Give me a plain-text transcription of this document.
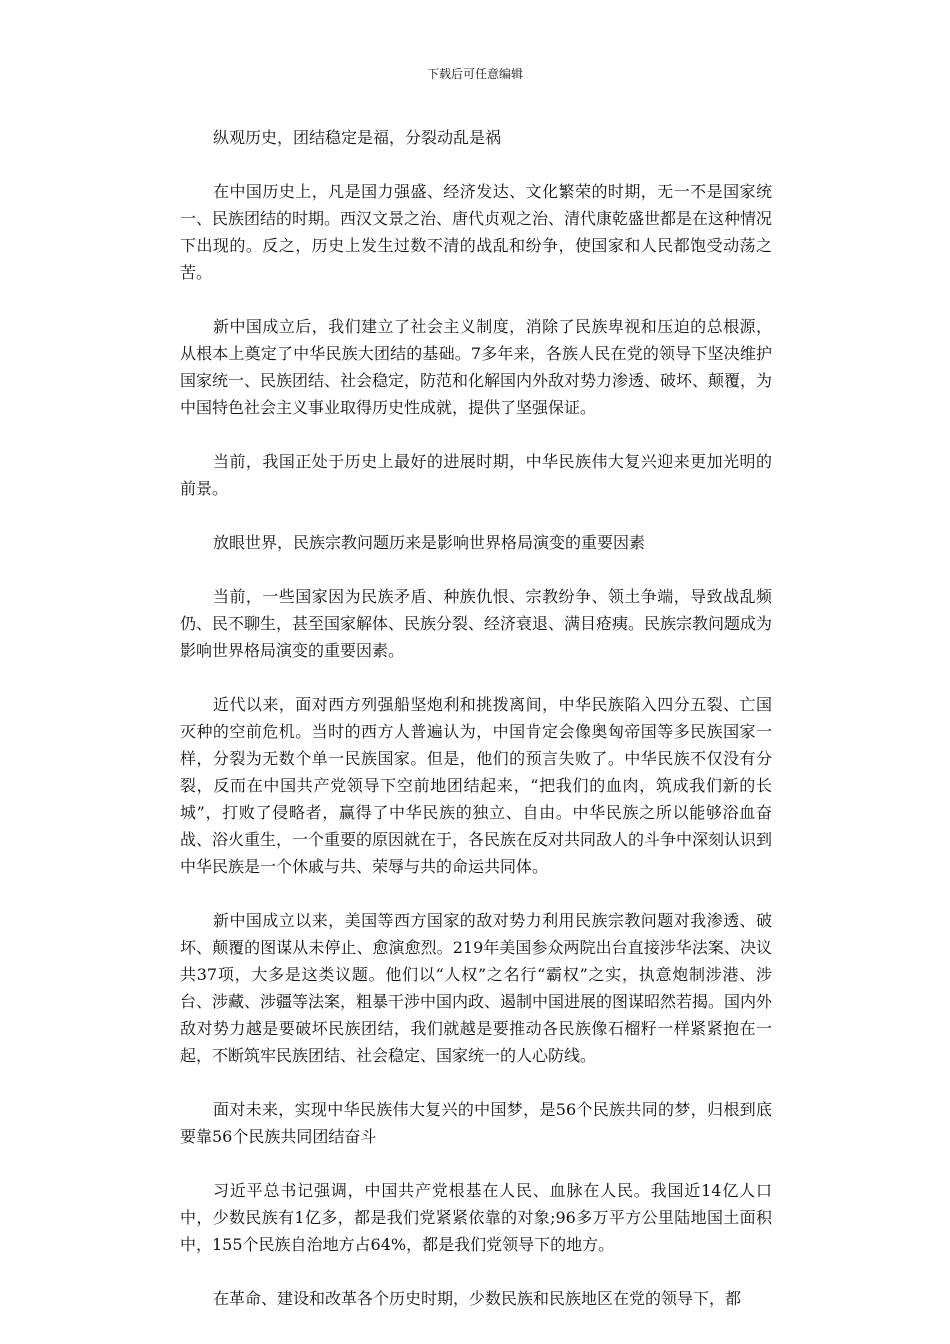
下载后可任意编辑

纵观历史，团结稳定是福，分裂动乱是祸

在中国历史上，凡是国力强盛、经济发达、文化繁荣的时期，无一不是国家统一、民族团结的时期。西汉文景之治、唐代贞观之治、清代康乾盛世都是在这种情况下出现的。反之，历史上发生过数不清的战乱和纷争，使国家和人民都饱受动荡之苦。

新中国成立后，我们建立了社会主义制度，消除了民族卑视和压迫的总根源，从根本上奠定了中华民族大团结的基础。7多年来，各族人民在党的领导下坚决维护国家统一、民族团结、社会稳定，防范和化解国内外敌对势力渗透、破坏、颠覆，为中国特色社会主义事业取得历史性成就，提供了坚强保证。

当前，我国正处于历史上最好的进展时期，中华民族伟大复兴迎来更加光明的前景。

放眼世界，民族宗教问题历来是影响世界格局演变的重要因素

当前，一些国家因为民族矛盾、种族仇恨、宗教纷争、领土争端，导致战乱频仍、民不聊生，甚至国家解体、民族分裂、经济衰退、满目疮痍。民族宗教问题成为影响世界格局演变的重要因素。

近代以来，面对西方列强船坚炮利和挑拨离间，中华民族陷入四分五裂、亡国灭种的空前危机。当时的西方人普遍认为，中国肯定会像奥匈帝国等多民族国家一样，分裂为无数个单一民族国家。但是，他们的预言失败了。中华民族不仅没有分裂，反而在中国共产党领导下空前地团结起来，“把我们的血肉，筑成我们新的长城”，打败了侵略者，赢得了中华民族的独立、自由。中华民族之所以能够浴血奋战、浴火重生，一个重要的原因就在于，各民族在反对共同敌人的斗争中深刻认识到中华民族是一个休戚与共、荣辱与共的命运共同体。

新中国成立以来，美国等西方国家的敌对势力利用民族宗教问题对我渗透、破坏、颠覆的图谋从未停止、愈演愈烈。219年美国参众两院出台直接涉华法案、决议共37项，大多是这类议题。他们以“人权”之名行“霸权”之实，执意炮制涉港、涉台、涉藏、涉疆等法案，粗暴干涉中国内政、遏制中国进展的图谋昭然若揭。国内外敌对势力越是要破坏民族团结，我们就越是要推动各民族像石榴籽一样紧紧抱在一起，不断筑牢民族团结、社会稳定、国家统一的人心防线。

面对未来，实现中华民族伟大复兴的中国梦，是56个民族共同的梦，归根到底要靠56个民族共同团结奋斗

习近平总书记强调，中国共产党根基在人民、血脉在人民。我国近14亿人口中，少数民族有1亿多，都是我们党紧紧依靠的对象;96多万平方公里陆地国土面积中，155个民族自治地方占64%，都是我们党领导下的地方。

在革命、建设和改革各个历史时期，少数民族和民族地区在党的领导下，都
